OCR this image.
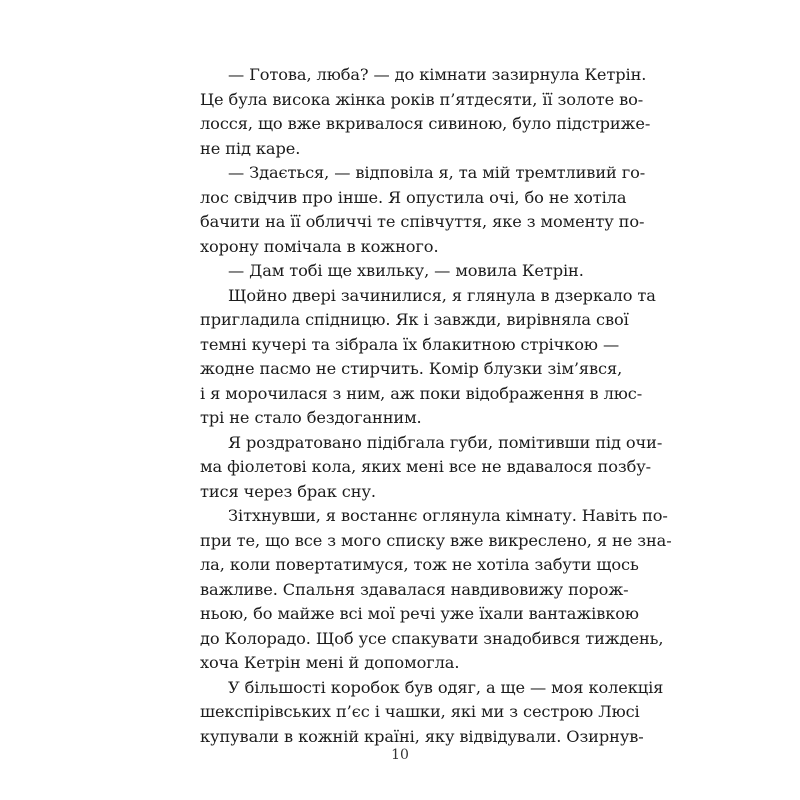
— Готова, люба? — до кімнати зазирнула Кетрін.
Це була висока жінка років п’ятдесяти, її золоте во-
лосся, що вже вкривалося сивиною, було підстриже-
не під каре.
— Здається, — відповіла я, та мій тремтливий го-
лос свідчив про інше. Я опустила очі, бо не хотіла
бачити на її обличчі те співчуття, яке з моменту по-
хорону помічала в кожного.
— Дам тобі ще хвильку, — мовила Кетрін.
Щойно двері зачинилися, я глянула в дзеркало та
пригладила спідницю. Як і завжди, вирівняла свої
темні кучері та зібрала їх блакитною стрічкою —
жодне пасмо не стирчить. Комір блузки зім’явся,
і я морочилася з ним, аж поки відображення в люс-
трі не стало бездоганним.
Я роздратовано підібгала губи, помітивши під очи-
ма фіолетові кола, яких мені все не вдавалося позбу-
тися через брак сну.
Зітхнувши, я востаннє оглянула кімнату. Навіть по-
при те, що все з мого списку вже викреслено, я не зна-
ла, коли повертатимуся, тож не хотіла забути щось
важливе. Спальня здавалася навдивовижу порож-
ньою, бо майже всі мої речі уже їхали вантажівкою
до Колорадо. Щоб усе спакувати знадобився тиждень,
хоча Кетрін мені й допомогла.
У більшості коробок був одяг, а ще — моя колекція
шекспірівських п’єс і чашки, які ми з сестрою Люсі
купували в кожній країні, яку відвідували. Озирнув-
10
